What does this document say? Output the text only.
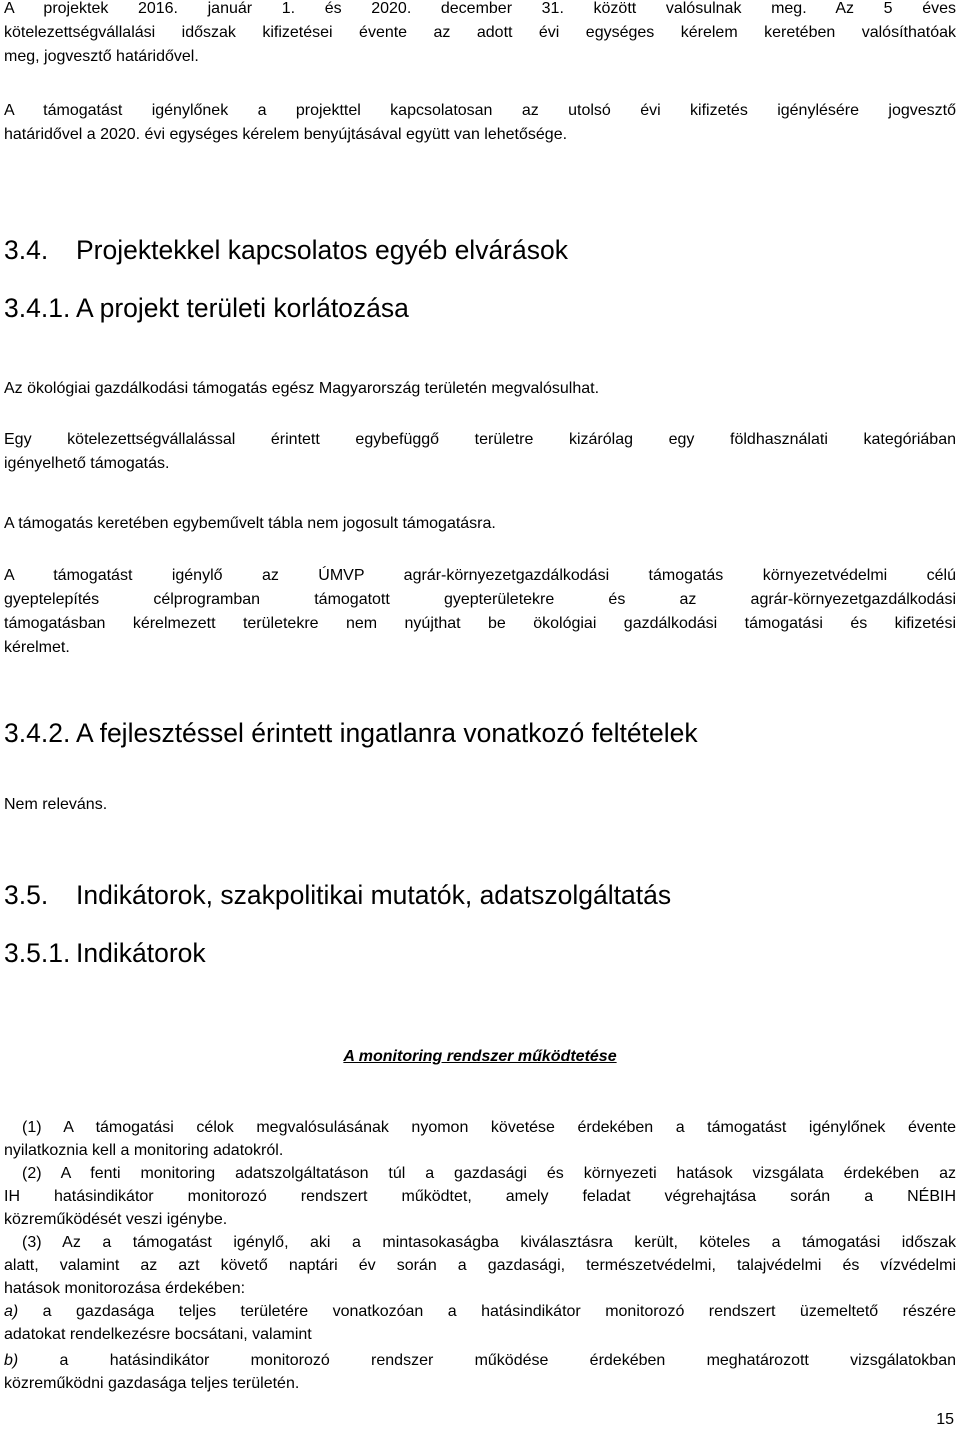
A projektek 2016. január 1. és 2020. december 31. között valósulnak meg. Az 5 éves

kötelezettségvállalási időszak kifizetései évente az adott évi egységes kérelem keretében valósíthatóak

meg, jogvesztő határidővel.

A támogatást igénylőnek a projekttel kapcsolatosan az utolsó évi kifizetés igénylésére jogvesztő

határidővel a 2020. évi egységes kérelem benyújtásával együtt van lehetősége.

3.4. Projektekkel kapcsolatos egyéb elvárások
3.4.1. A projekt területi korlátozása

Az ökológiai gazdálkodási támogatás egész Magyarország területén megvalósulhat.

Egy kötelezettségvállalással érintett egybefüggő területre kizárólag egy földhasználati kategóriában

igényelhető támogatás.

A támogatás keretében egybeművelt tábla nem jogosult támogatásra.

A támogatást igénylő az ÚMVP agrár-környezetgazdálkodási támogatás környezetvédelmi célú

gyeptelepítés célprogramban támogatott gyepterületekre és az agrár-környezetgazdálkodási

támogatásban kérelmezett területekre nem nyújthat be ökológiai gazdálkodási támogatási és kifizetési

kérelmet.

3.4.2. A fejlesztéssel érintett ingatlanra vonatkozó feltételek

Nem releváns.

3.5. Indikátorok, szakpolitikai mutatók, adatszolgáltatás
3.5.1. Indikátorok
A monitoring rendszer működtetése

(1) A támogatási célok megvalósulásának nyomon követése érdekében a támogatást igénylőnek évente

nyilatkoznia kell a monitoring adatokról.

(2) A fenti monitoring adatszolgáltatáson túl a gazdasági és környezeti hatások vizsgálata érdekében az

IH hatásindikátor monitorozó rendszert működtet, amely feladat végrehajtása során a NÉBIH

közreműködését veszi igénybe.

(3) Az a támogatást igénylő, aki a mintasokaságba kiválasztásra került, köteles a támogatási időszak

alatt, valamint az azt követő naptári év során a gazdasági, természetvédelmi, talajvédelmi és vízvédelmi

hatások monitorozása érdekében:

a) a gazdasága teljes területére vonatkozóan a hatásindikátor monitorozó rendszert üzemeltető részére

adatokat rendelkezésre bocsátani, valamint

b) a hatásindikátor monitorozó rendszer működése érdekében meghatározott vizsgálatokban

közreműködni gazdasága teljes területén.

15
